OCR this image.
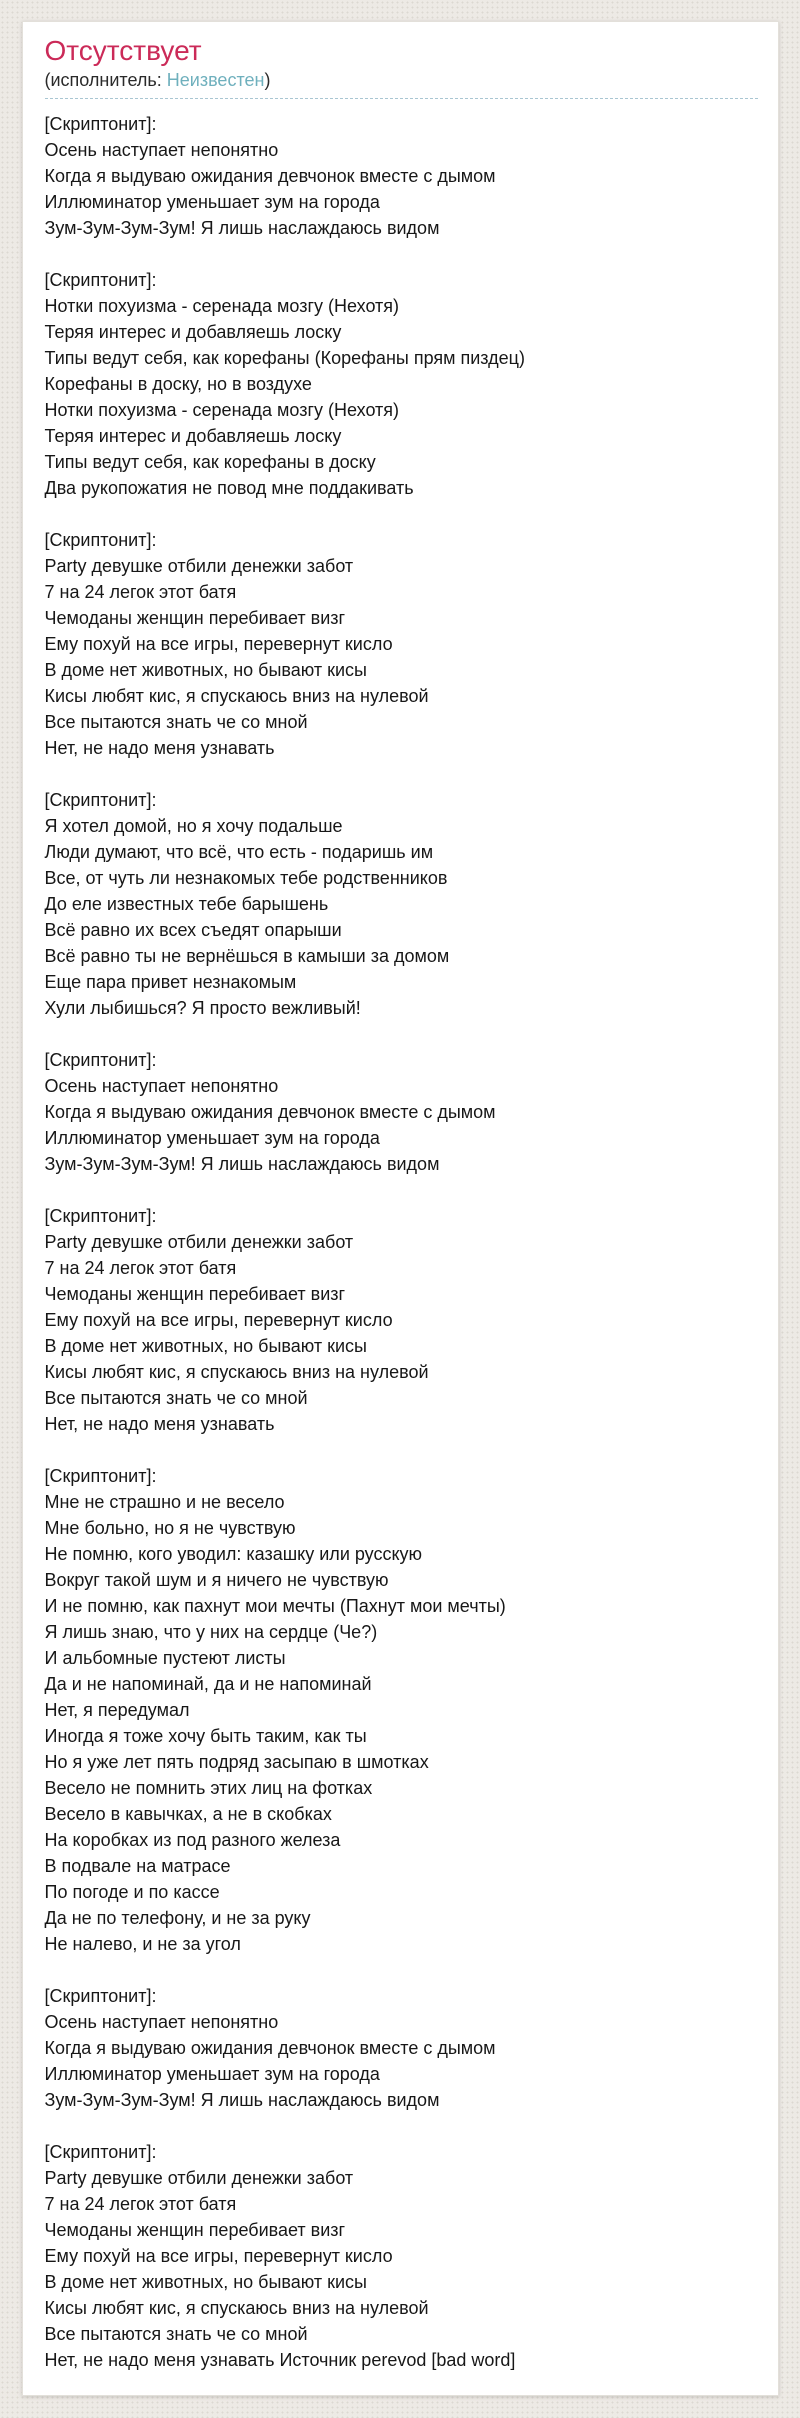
Отсутствует
(исполнитель: Неизвестен)
[Скриптонит]:
Осень наступает непонятно
Когда я выдуваю ожидания девчонок вместе с дымом
Иллюминатор уменьшает зум на города
Зум-Зум-Зум-Зум! Я лишь наслаждаюсь видом
[Скриптонит]:
Нотки похуизма - серенада мозгу (Нехотя)
Теряя интерес и добавляешь лоску
Типы ведут себя, как корефаны (Корефаны прям пиздец)
Корефаны в доску, но в воздухе
Нотки похуизма - серенада мозгу (Нехотя)
Теряя интерес и добавляешь лоску
Типы ведут себя, как корефаны в доску
Два рукопожатия не повод мне поддакивать
[Скриптонит]:
Party девушке отбили денежки забот
7 на 24 легок этот батя
Чемоданы женщин перебивает визг
Ему похуй на все игры, перевернут кисло
В доме нет животных, но бывают кисы
Кисы любят кис, я спускаюсь вниз на нулевой
Все пытаются знать че со мной
Нет, не надо меня узнавать
[Скриптонит]:
Я хотел домой, но я хочу подальше
Люди думают, что всё, что есть - подаришь им
Все, от чуть ли незнакомых тебе родственников
До еле известных тебе барышень
Всё равно их всех съедят опарыши
Всё равно ты не вернёшься в камыши за домом
Еще пара привет незнакомым
Хули лыбишься? Я просто вежливый!
[Скриптонит]:
Осень наступает непонятно
Когда я выдуваю ожидания девчонок вместе с дымом
Иллюминатор уменьшает зум на города
Зум-Зум-Зум-Зум! Я лишь наслаждаюсь видом
[Скриптонит]:
Party девушке отбили денежки забот
7 на 24 легок этот батя
Чемоданы женщин перебивает визг
Ему похуй на все игры, перевернут кисло
В доме нет животных, но бывают кисы
Кисы любят кис, я спускаюсь вниз на нулевой
Все пытаются знать че со мной
Нет, не надо меня узнавать
[Скриптонит]:
Мне не страшно и не весело
Мне больно, но я не чувствую
Не помню, кого уводил: казашку или русскую
Вокруг такой шум и я ничего не чувствую
И не помню, как пахнут мои мечты (Пахнут мои мечты)
Я лишь знаю, что у них на сердце (Че?)
И альбомные пустеют листы
Да и не напоминай, да и не напоминай
Нет, я передумал
Иногда я тоже хочу быть таким, как ты
Но я уже лет пять подряд засыпаю в шмотках
Весело не помнить этих лиц на фотках
Весело в кавычках, а не в скобках
На коробках из под разного железа
В подвале на матрасе
По погоде и по кассе
Да не по телефону, и не за руку
Не налево, и не за угол
[Скриптонит]:
Осень наступает непонятно
Когда я выдуваю ожидания девчонок вместе с дымом
Иллюминатор уменьшает зум на города
Зум-Зум-Зум-Зум! Я лишь наслаждаюсь видом
[Скриптонит]:
Party девушке отбили денежки забот
7 на 24 легок этот батя
Чемоданы женщин перебивает визг
Ему похуй на все игры, перевернут кисло
В доме нет животных, но бывают кисы
Кисы любят кис, я спускаюсь вниз на нулевой
Все пытаются знать че со мной
Нет, не надо меня узнавать Источник perevod [bad word]
